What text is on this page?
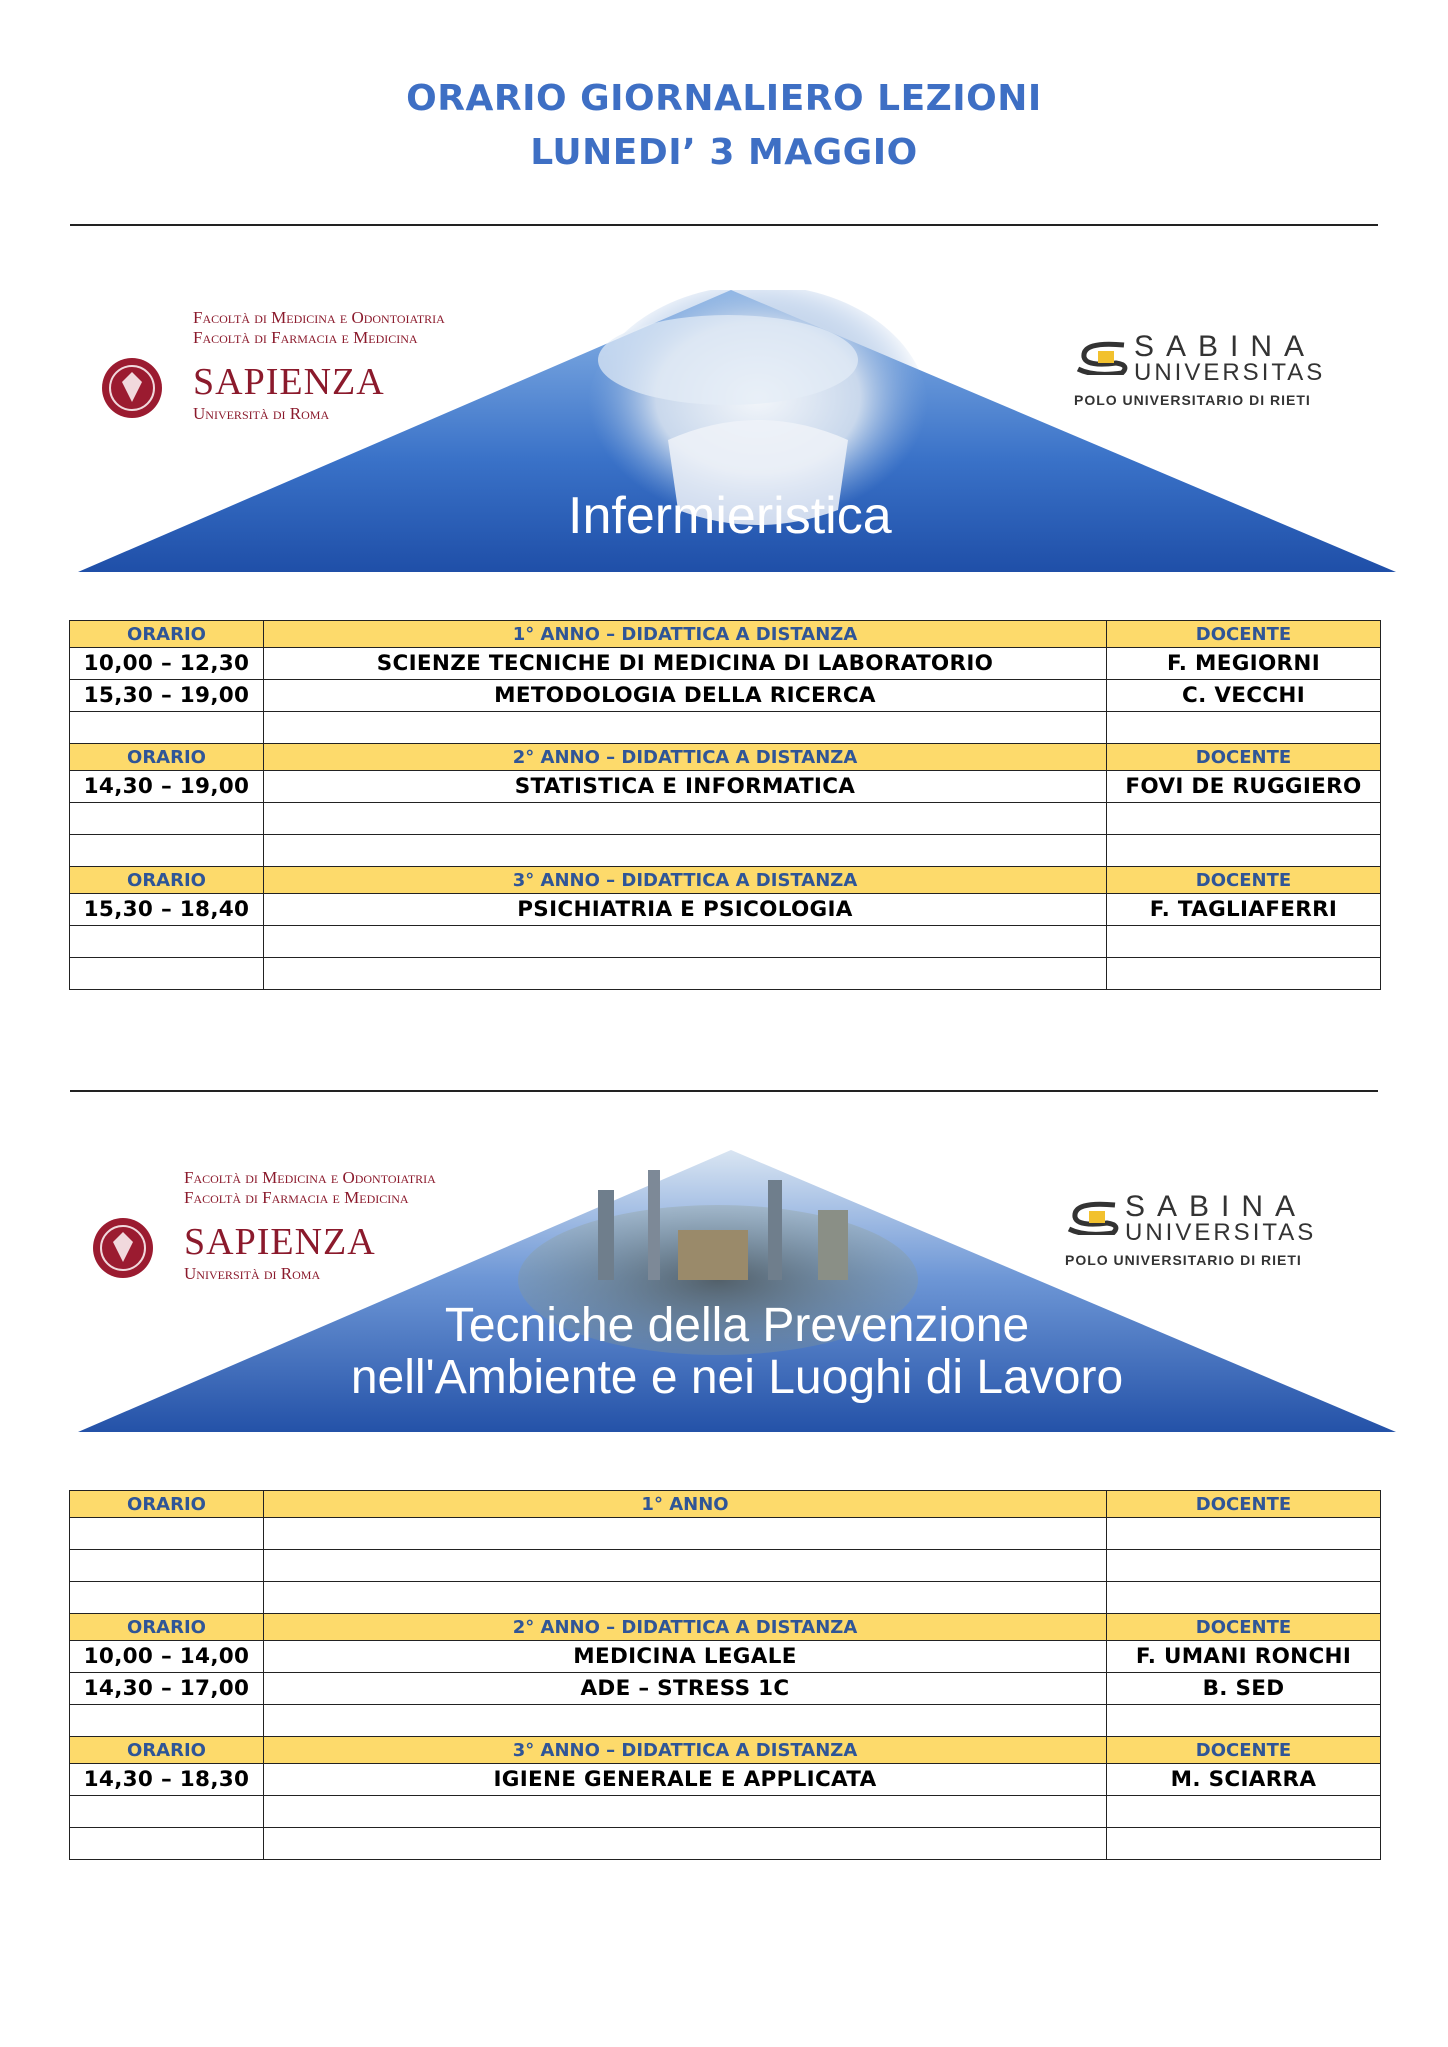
ORARIO GIORNALIERO LEZIONI
LUNEDI’ 3 MAGGIO
Facoltà di Medicina e Odontoiatria
Facoltà di Farmacia e Medicina
SAPIENZA
Università di Roma
SABINA
UNIVERSITAS
POLO UNIVERSITARIO DI RIETI
Infermieristica
ORARIO	1° ANNO – DIDATTICA A DISTANZA	DOCENTE
10,00 – 12,30	SCIENZE TECNICHE DI MEDICINA DI LABORATORIO	F. MEGIORNI
15,30 – 19,00	METODOLOGIA DELLA RICERCA	C. VECCHI

ORARIO	2° ANNO – DIDATTICA A DISTANZA	DOCENTE
14,30 – 19,00	STATISTICA E INFORMATICA	FOVI DE RUGGIERO

ORARIO	3° ANNO – DIDATTICA A DISTANZA	DOCENTE
15,30 – 18,40	PSICHIATRIA E PSICOLOGIA	F. TAGLIAFERRI

Facoltà di Medicina e Odontoiatria
Facoltà di Farmacia e Medicina
SAPIENZA
Università di Roma
SABINA
UNIVERSITAS
POLO UNIVERSITARIO DI RIETI
Tecniche della Prevenzione
nell'Ambiente e nei Luoghi di Lavoro
ORARIO	1° ANNO	DOCENTE

ORARIO	2° ANNO – DIDATTICA A DISTANZA	DOCENTE
10,00 – 14,00	MEDICINA LEGALE	F. UMANI RONCHI
14,30 – 17,00	ADE – STRESS 1C	B. SED

ORARIO	3° ANNO – DIDATTICA A DISTANZA	DOCENTE
14,30 – 18,30	IGIENE GENERALE E APPLICATA	M. SCIARRA
